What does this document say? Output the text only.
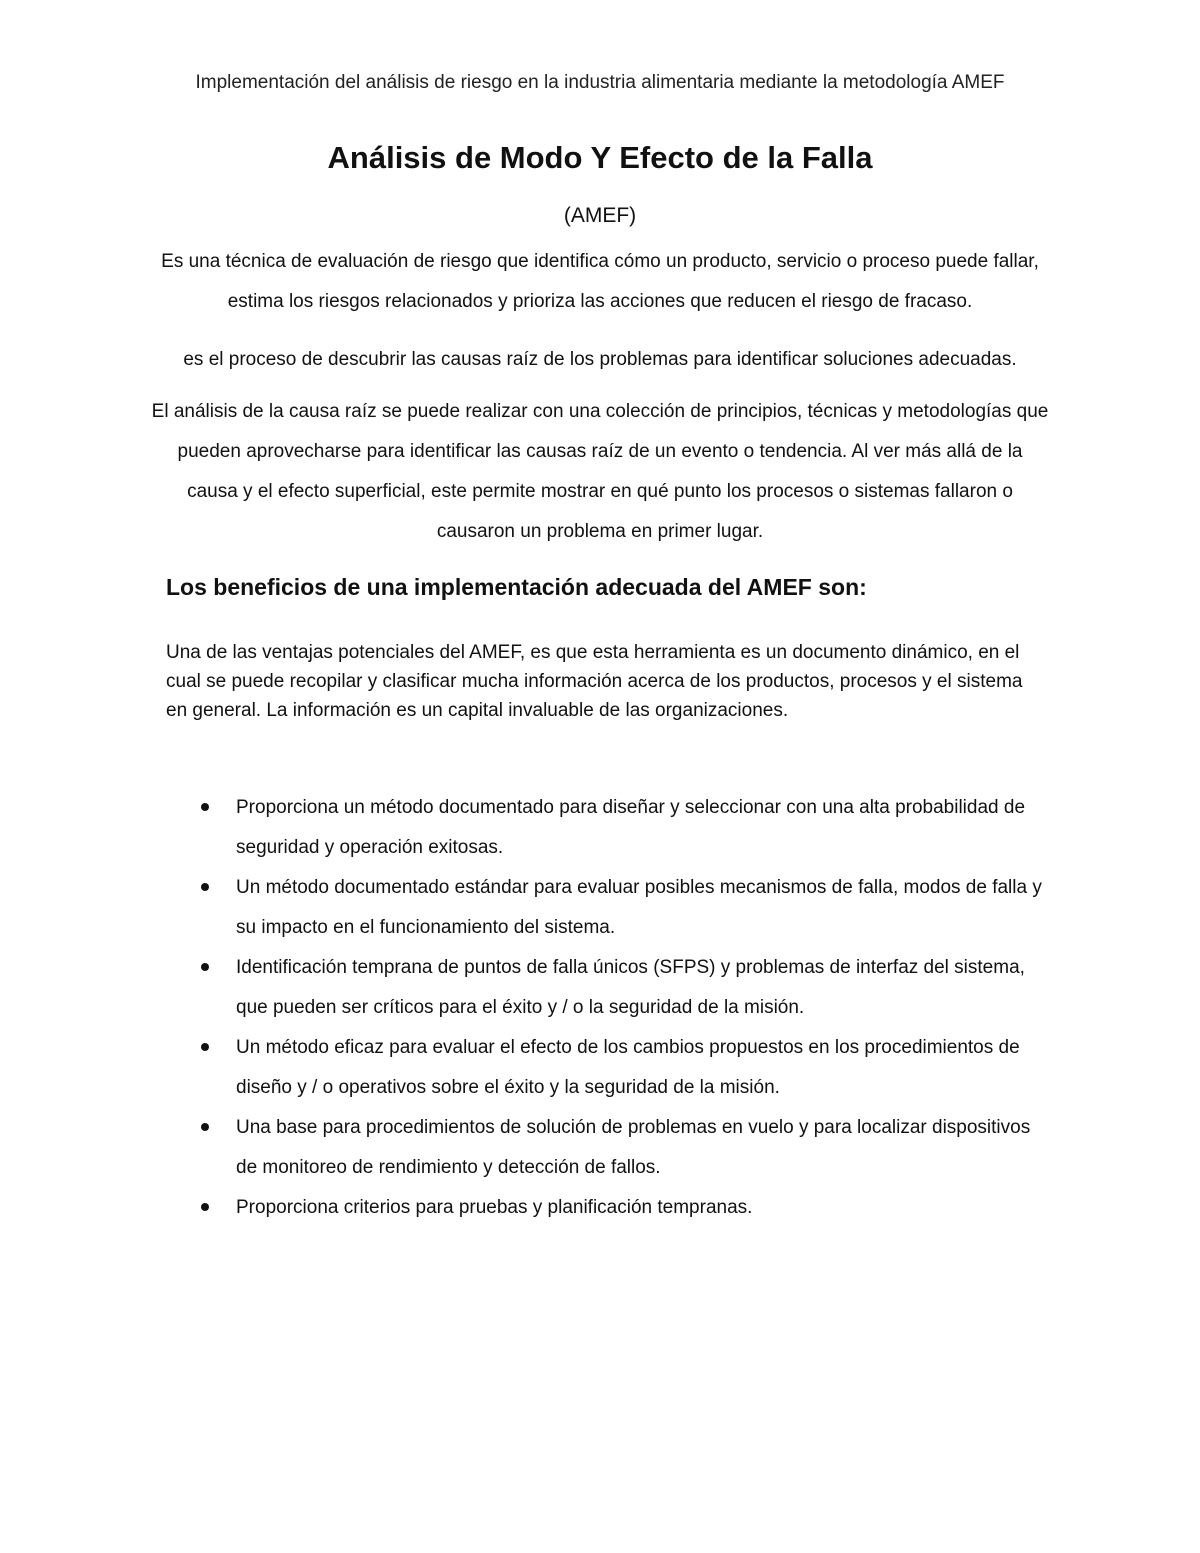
Implementación del análisis de riesgo en la industria alimentaria mediante la metodología AMEF
Análisis de Modo Y Efecto de la Falla
(AMEF)

Es una técnica de evaluación de riesgo que identifica cómo un producto, servicio o proceso puede fallar, estima los riesgos relacionados y prioriza las acciones que reducen el riesgo de fracaso.

es el proceso de descubrir las causas raíz de los problemas para identificar soluciones adecuadas.

El análisis de la causa raíz se puede realizar con una colección de principios, técnicas y metodologías que pueden aprovecharse para identificar las causas raíz de un evento o tendencia. Al ver más allá de la causa y el efecto superficial, este permite mostrar en qué punto los procesos o sistemas fallaron o causaron un problema en primer lugar.

Los beneficios de una implementación adecuada del AMEF son:

Una de las ventajas potenciales del AMEF, es que esta herramienta es un documento dinámico, en el cual se puede recopilar y clasificar mucha información acerca de los productos, procesos y el sistema en general. La información es un capital invaluable de las organizaciones.

Proporciona un método documentado para diseñar y seleccionar con una alta probabilidad de seguridad y operación exitosas.
Un método documentado estándar para evaluar posibles mecanismos de falla, modos de falla y su impacto en el funcionamiento del sistema.
Identificación temprana de puntos de falla únicos (SFPS) y problemas de interfaz del sistema, que pueden ser críticos para el éxito y / o la seguridad de la misión.
Un método eficaz para evaluar el efecto de los cambios propuestos en los procedimientos de diseño y / o operativos sobre el éxito y la seguridad de la misión.
Una base para procedimientos de solución de problemas en vuelo y para localizar dispositivos de monitoreo de rendimiento y detección de fallos.
Proporciona criterios para pruebas y planificación tempranas.
